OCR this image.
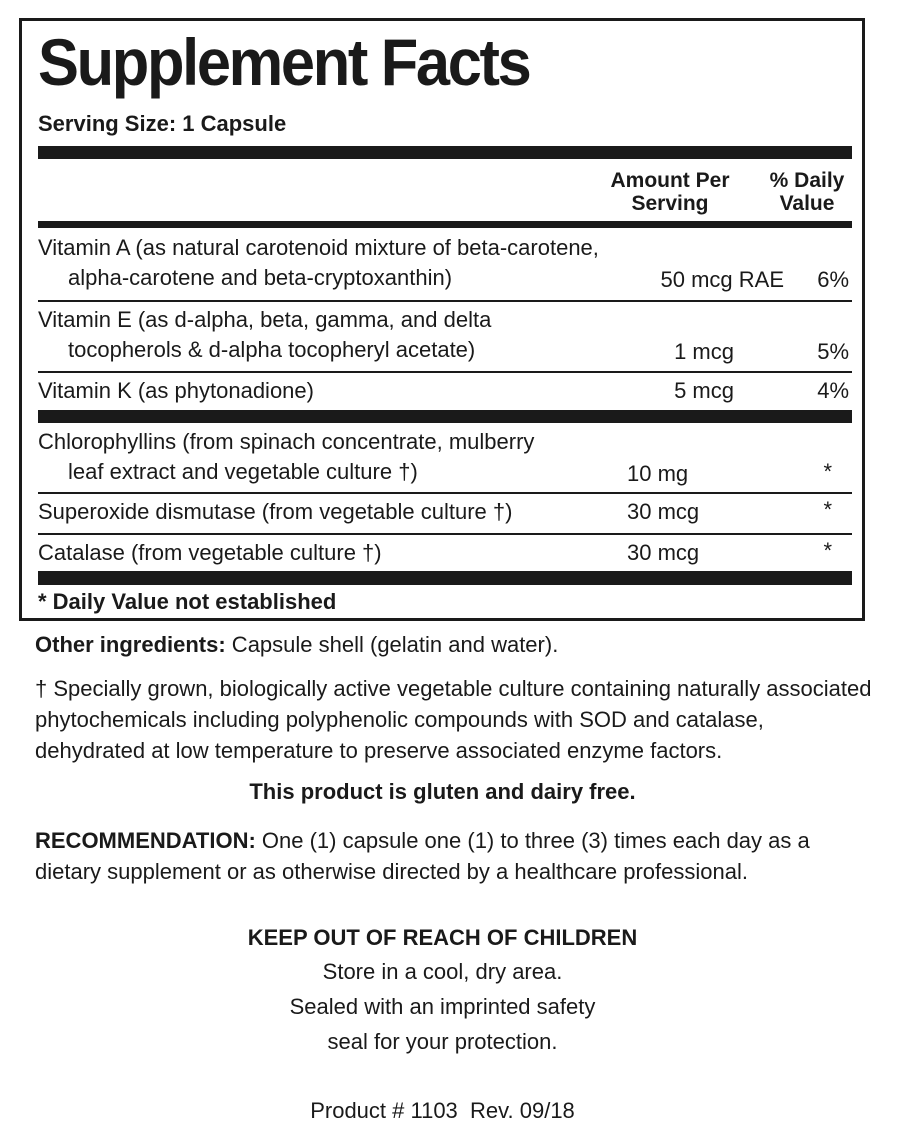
Supplement Facts
Serving Size: 1 Capsule
Amount Per
Serving
% Daily
Value
Vitamin A (as natural carotenoid mixture of beta-carotene,
alpha-carotene and beta-cryptoxanthin)	50 mcg RAE 6%
Vitamin E (as d-alpha, beta, gamma, and delta
tocopherols & d-alpha tocopheryl acetate)	1 mcg	5%
Vitamin K (as phytonadione)	5 mcg	4%
Chlorophyllins (from spinach concentrate, mulberry
leaf extract and vegetable culture †)	10 mg	*
Superoxide dismutase (from vegetable culture †)	30 mcg	*
Catalase (from vegetable culture †)	30 mcg	*
* Daily Value not established
Other ingredients: Capsule shell (gelatin and water).
† Specially grown, biologically active vegetable culture containing naturally associated phytochemicals including polyphenolic compounds with SOD and catalase, dehydrated at low temperature to preserve associated enzyme factors.
This product is gluten and dairy free.
RECOMMENDATION: One (1) capsule one (1) to three (3) times each day as a dietary supplement or as otherwise directed by a healthcare professional.
KEEP OUT OF REACH OF CHILDREN
Store in a cool, dry area.
Sealed with an imprinted safety
seal for your protection.
Product # 1103  Rev. 09/18
